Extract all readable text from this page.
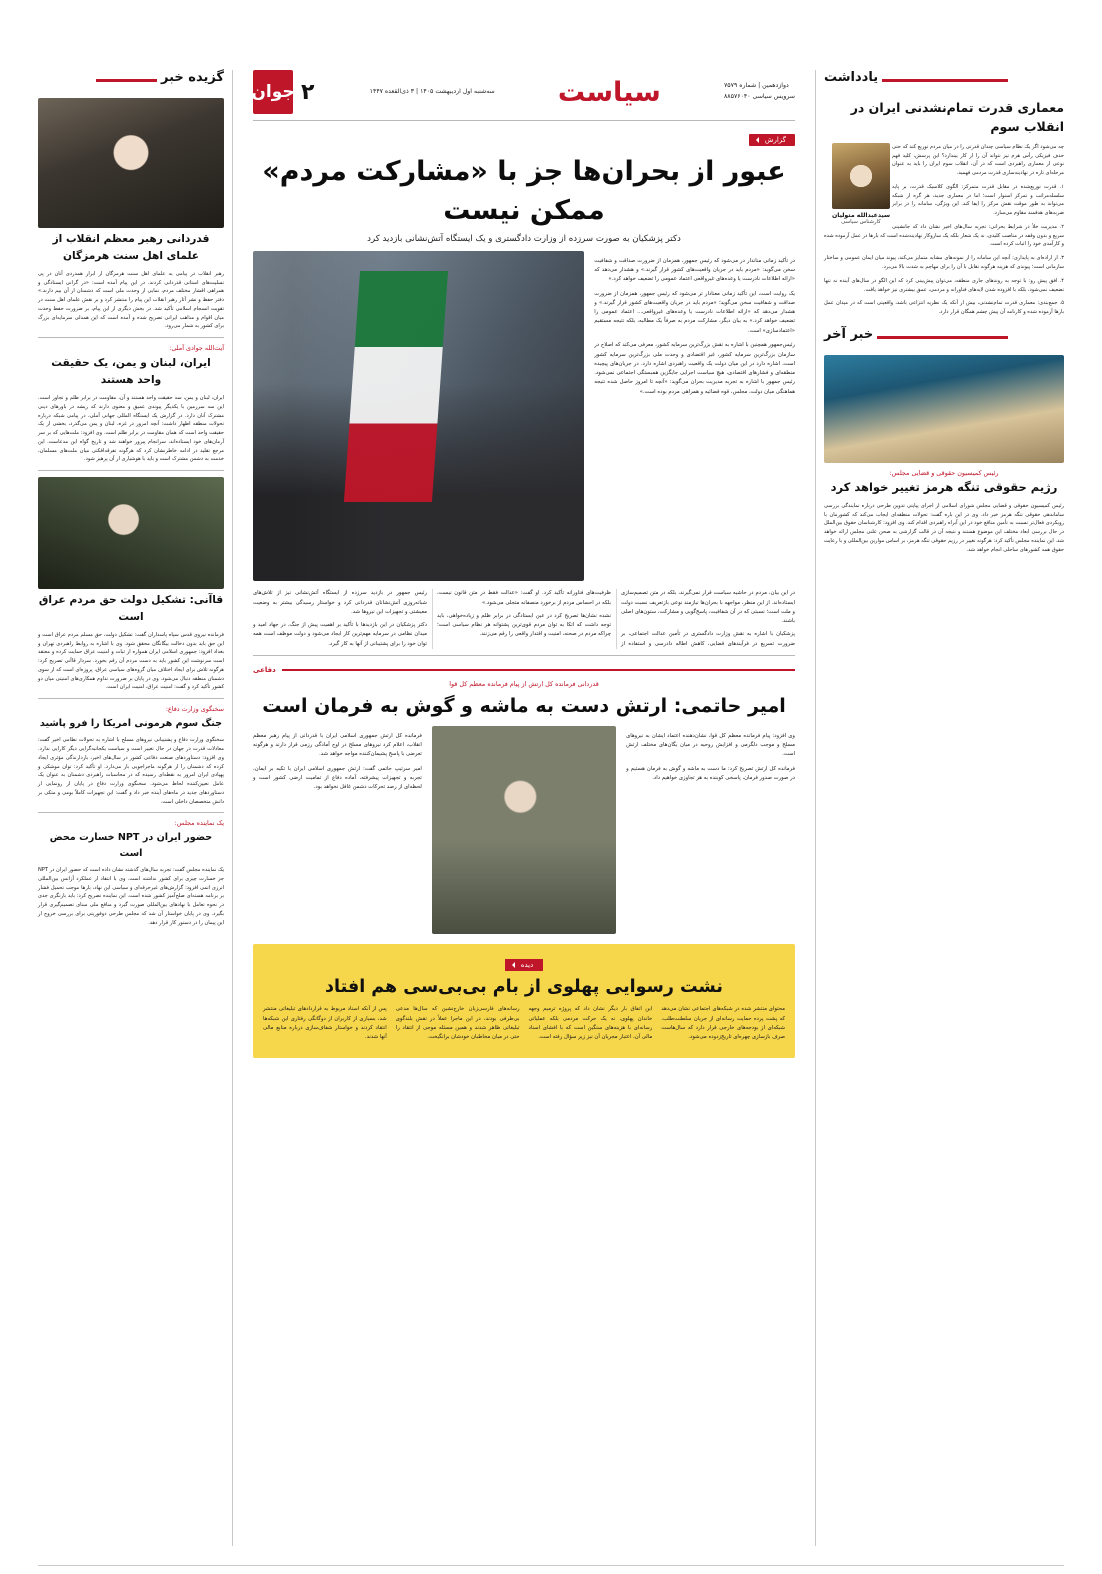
گزیده خبر
قدردانی رهبر معظم انقلاب از علمای اهل سنت هرمزگان
رهبر انقلاب در پیامی به علمای اهل سنت هرمزگان از ابراز همدردی آنان در پی تسلیت‌های استانی قدردانی کردند. در این پیام آمده است: «در گرانی ایستادگی و همراهی اقشار مختلف مردم، نمایی از وحدت ملی است که دشمنان از آن بیم دارند.» دفتر حفظ و نشر آثار رهبر انقلاب این پیام را منتشر کرد و بر نقش علمای اهل سنت در تقویت انسجام اسلامی تأکید شد. در بخش دیگری از این پیام، بر ضرورت حفظ وحدت میان اقوام و مذاهب ایرانی تصریح شده و آمده است که این همدلی سرمایه‌ای بزرگ برای کشور به شمار می‌رود.
آیت‌الله جوادی آملی:
ایران، لبنان و یمن، یک حقیقت واحد هستند
ایران، لبنان و یمن، سه حقیقت واحد هستند و آن، مقاومت در برابر ظلم و تجاوز است. این سه سرزمین با یکدیگر پیوندی عمیق و معنوی دارند که ریشه در باورهای دینی مشترک آنان دارد. در گزارش یک ایستگاه المللی جهانی آملی، در پیامی شبکه درباره تحولات منطقه اظهار داشت: آنچه امروز در غزه، لبنان و یمن می‌گذرد، بخشی از یک حقیقت واحد است که همان مقاومت در برابر ظلم است. وی افزود: ملت‌هایی که بر سر آرمان‌های خود ایستاده‌اند، سرانجام پیروز خواهند شد و تاریخ گواه این مدعاست. این مرجع تقلید در ادامه خاطرنشان کرد که هرگونه تفرقه‌افکنی میان ملت‌های مسلمان، خدمت به دشمن مشترک است و باید با هوشیاری از آن پرهیز شود.
قاآنی: تشکیل دولت حق مردم عراق است
فرمانده نیروی قدس سپاه پاسداران گفت: تشکیل دولت، حق مسلم مردم عراق است و این حق باید بدون دخالت بیگانگان محقق شود. وی با اشاره به روابط راهبردی تهران و بغداد افزود: جمهوری اسلامی ایران همواره از ثبات و امنیت عراق حمایت کرده و معتقد است سرنوشت این کشور باید به دست مردم آن رقم بخورد. سردار قاآنی تصریح کرد: هرگونه تلاش برای ایجاد اختلاف میان گروه‌های سیاسی عراق، پروژه‌ای است که از سوی دشمنان منطقه دنبال می‌شود. وی در پایان بر ضرورت تداوم همکاری‌های امنیتی میان دو کشور تأکید کرد و گفت: امنیت عراق، امنیت ایران است.
سخنگوی وزارت دفاع:
جنگ سوم هرمونی امریکا را فرو پاشید
سخنگوی وزارت دفاع و پشتیبانی نیروهای مسلح با اشاره به تحولات نظامی اخیر گفت: معادلات قدرت در جهان در حال تغییر است و سیاست یکجانبه‌گرایی دیگر کارایی ندارد. وی افزود: دستاوردهای صنعت دفاعی کشور در سال‌های اخیر، بازدارندگی مؤثری ایجاد کرده که دشمنان را از هرگونه ماجراجویی باز می‌دارد. او تأکید کرد: توان موشکی و پهپادی ایران امروز به نقطه‌ای رسیده که در محاسبات راهبردی دشمنان به عنوان یک عامل تعیین‌کننده لحاظ می‌شود. سخنگوی وزارت دفاع در پایان از رونمایی از دستاوردهای جدید در ماه‌های آینده خبر داد و گفت: این تجهیزات کاملاً بومی و متکی بر دانش متخصصان داخلی است.
یک نماینده مجلس:
حضور ایران در NPT خسارت محض است
یک نماینده مجلس گفت: تجربه سال‌های گذشته نشان داده است که حضور ایران در NPT جز خسارت چیزی برای کشور نداشته است. وی با انتقاد از عملکرد آژانس بین‌المللی انرژی اتمی افزود: گزارش‌های غیرحرفه‌ای و سیاسی این نهاد، بارها موجب تحمیل فشار بر برنامه هسته‌ای صلح‌آمیز کشور شده است. این نماینده تصریح کرد: باید بازنگری جدی در نحوه تعامل با نهادهای بین‌المللی صورت گیرد و منافع ملی مبنای تصمیم‌گیری قرار بگیرد. وی در پایان خواستار آن شد که مجلس طرحی دوفوریتی برای بررسی خروج از این پیمان را در دستور کار قرار دهد.
دوازدهمین | شماره ۷۵۷۹
سرویس سیاسی ۸۸۵۷۶۰۴۰
سیاست
سه‌شنبه اول اردیبهشت ۱۴۰۵ | ۳ ذی‌القعده ۱۴۴۷
۲
جوان
گزارش
عبور از بحران‌ها جز با «مشارکت مردم» ممکن نیست
دکتر پزشکیان به صورت سرزده از وزارت دادگستری و یک ایستگاه آتش‌نشانی بازدید کرد

در تأکید زمانی مناندار در می‌شود که رئیس جمهور، همزمان از ضرورت صداقت و شفافیت سخن می‌گوید: «مردم باید در جریان واقعیت‌های کشور قرار گیرند.» و هشدار می‌دهد که «ارائه اطلاعات نادرست یا وعده‌های غیرواقعی اعتماد عمومی را تضعیف خواهد کرد.»

یک روایت است، این تأکید زمانی معنادار تر می‌شود که رئیس جمهور، همزمان از ضرورت صداقت و شفافیت سخن می‌گوید؛ «مردم باید در جریان واقعیت‌های کشور قرار گیرند.» و هشدار می‌دهد که «ارائه اطلاعات نادرست یا وعده‌های غیرواقعی... اعتماد عمومی را تضعیف خواهد کرد.» به بیان دیگر، مشارکت مردم به صرفاً یک مطالبه، بلکه نتیجه مستقیم «اعتمادسازی» است.

رئیس‌جمهور همچنین با اشاره به نقش بزرگ‌ترین سرمایه کشور، معرفی می‌کند که اصلاح در سازمان بزرگ‌ترین سرمایه کشور، غیر اقتصادی و وحدت ملی بزرگ‌ترین سرمایه کشور است، اشاره دارد در این میان دولت یک واقعیت راهبردی اشاره دارد. در جریان‌های پیچیده منطقه‌ای و فشارهای اقتصادی، هیچ سیاست اجرایی جایگزین همبستگی اجتماعی نمی‌شود. رئیس جمهور با اشاره به تجربه مدیریت بحران می‌گوید: «آنچه تا امروز حاصل شده نتیجه هماهنگی میان دولت، مجلس، قوه قضائیه و همراهی مردم بوده است.»

در این بیان، مردم در حاشیه سیاست قرار نمی‌گیرند، بلکه در متن تصمیم‌سازی ایستاده‌اند. از این منظر، مواجهه با بحران‌ها نیازمند نوعی بازتعریف نسبت دولت و ملت است؛ نسبتی که در آن شفافیت، پاسخ‌گویی و مشارکت، ستون‌های اصلی باشند.

پزشکیان با اشاره به نقش وزارت دادگستری در تأمین عدالت اجتماعی، بر ضرورت تسریع در فرآیندهای قضایی، کاهش اطاله دادرسی و استفاده از ظرفیت‌های فناورانه تأکید کرد. او گفت: «عدالت فقط در متن قانون نیست، بلکه در احساس مردم از برخورد منصفانه متجلی می‌شود.»

نشده نشان‌ها تصریح کرد در عین ایستادگی در برابر ظلم و زیاده‌خواهی، باید توجه داشت که اتکا به توان مردم قوی‌ترین پشتوانه هر نظام سیاسی است؛ چراکه مردم در صحنه، امنیت و اقتدار واقعی را رقم می‌زنند.

رئیس جمهور در بازدید سرزده از ایستگاه آتش‌نشانی نیز از تلاش‌های شبانه‌روزی آتش‌نشانان قدردانی کرد و خواستار رسیدگی بیشتر به وضعیت معیشتی و تجهیزات این نیروها شد.

دکتر پزشکیان در این بازدیدها با تأکید بر اهمیت پیش از جنگ، در جهاد امید و میدان نظامی در سرمایه مهم‌ترین کار ایجاد می‌شود و دولت موظف است همه توان خود را برای پشتیبانی از آنها به کار گیرد.

دفاعی
قدردانی فرمانده کل ارتش از پیام فرمانده معظم کل قوا
امیر حاتمی: ارتش دست به ماشه و گوش به فرمان است

وی افزود: پیام فرمانده معظم کل قوا، نشان‌دهنده اعتماد ایشان به نیروهای مسلح و موجب دلگرمی و افزایش روحیه در میان یگان‌های مختلف ارتش است.

فرمانده کل ارتش تصریح کرد: ما دست به ماشه و گوش به فرمان هستیم و در صورت صدور فرمان، پاسخی کوبنده به هر تجاوزی خواهیم داد.

فرمانده کل ارتش جمهوری اسلامی ایران با قدردانی از پیام رهبر معظم انقلاب، اعلام کرد نیروهای مسلح در اوج آمادگی رزمی قرار دارند و هرگونه تعرضی با پاسخ پشیمان‌کننده مواجه خواهد شد.

امیر سرتیپ حاتمی گفت: ارتش جمهوری اسلامی ایران با تکیه بر ایمان، تجربه و تجهیزات پیشرفته، آماده دفاع از تمامیت ارضی کشور است و لحظه‌ای از رصد تحرکات دشمن غافل نخواهد بود.

دیده
نشت رسوایی پهلوی از بام بی‌بی‌سی هم افتاد

محتوای منتشر شده در شبکه‌های اجتماعی نشان می‌دهد که پشت پرده حمایت رسانه‌ای از جریان سلطنت‌طلب، شبکه‌ای از بودجه‌های خارجی قرار دارد که سال‌هاست صرف بازسازی چهره‌ای تاریخ‌زدوده می‌شود.

این اتفاق بار دیگر نشان داد که پروژه ترمیم وجهه خاندان پهلوی، نه یک حرکت مردمی بلکه عملیاتی رسانه‌ای با هزینه‌های سنگین است که با افشای اسناد مالی آن، اعتبار مجریان آن نیز زیر سؤال رفته است.

رسانه‌های فارسی‌زبان خارج‌نشین که سال‌ها مدعی بی‌طرفی بودند، در این ماجرا عملاً در نقش بلندگوی تبلیغاتی ظاهر شدند و همین مسئله موجی از انتقاد را حتی در میان مخاطبان خودشان برانگیخت.

پس از آنکه اسناد مربوط به قراردادهای تبلیغاتی منتشر شد، بسیاری از کاربران از دوگانگی رفتاری این شبکه‌ها انتقاد کردند و خواستار شفاف‌سازی درباره منابع مالی آنها شدند.

یادداشت
معماری قدرت تمام‌نشدنی ایران در انقلاب سوم
سیدعبدالله متولیان
کارشناس سیاسی

چه می‌شود اگر یک نظام سیاسی چندان قدرتی را در میان مردم توزیع کند که حتی حذف فیزیکی رأس هرم نیز نتواند آن را از کار بیندازد؟ این پرسش، کلید فهم نوعی از معماری راهبردی است که در آن، انقلاب سوم ایران را باید به عنوان مرحله‌ای تازه در نهادینه‌سازی قدرت مردمی فهمید.

۱. قدرت توزیع‌شده در مقابل قدرت متمرکز: الگوی کلاسیک قدرت، بر پایه سلسله‌مراتب و تمرکز استوار است؛ اما در معماری جدید، هر گره از شبکه می‌تواند به طور موقت نقش مرکز را ایفا کند. این ویژگی، سامانه را در برابر ضربه‌های هدفمند مقاوم می‌سازد.

۲. مدیریت خلأ در شرایط بحرانی: تجربه سال‌های اخیر نشان داد که جانشینی سریع و بدون وقفه در مناصب کلیدی، نه یک شعار بلکه یک سازوکار نهادینه‌شده است که بارها در عمل آزموده شده و کارآمدی خود را اثبات کرده است.

۳. از اراده‌ای به پایداری: آنچه این سامانه را از نمونه‌های مشابه متمایز می‌کند، پیوند میان ایمان عمومی و ساختار سازمانی است؛ پیوندی که هزینه هرگونه تقابل با آن را برای مهاجم به شدت بالا می‌برد.

۴. افق پیش رو: با توجه به روندهای جاری منطقه، می‌توان پیش‌بینی کرد که این الگو در سال‌های آینده نه تنها تضعیف نمی‌شود، بلکه با افزوده شدن لایه‌های فناورانه و مردمی، عمق بیشتری نیز خواهد یافت.

۵. جمع‌بندی: معماری قدرت تمام‌نشدنی، بیش از آنکه یک نظریه انتزاعی باشد، واقعیتی است که در میدان عمل بارها آزموده شده و کارنامه آن پیش چشم همگان قرار دارد.

خبر آخر
رئیس کمیسیون حقوقی و قضایی مجلس:
رژیم حقوقی تنگه هرمز تغییر خواهد کرد
رئیس کمیسیون حقوقی و قضایی مجلس شورای اسلامی از اجرای پیایتی تدوین طرحی درباره نمایندگی بررسی ساماندهی حقوقی تنگه هرمز خبر داد. وی در این باره گفت: تحولات منطقه‌ای ایجاب می‌کند که کشورمان با رویکردی فعال‌تر نسبت به تأمین منافع خود در این آبراه راهبردی اقدام کند. وی افزود: کارشناسان حقوق بین‌الملل در حال بررسی ابعاد مختلف این موضوع هستند و نتیجه آن در قالب گزارشی به صحن علنی مجلس ارائه خواهد شد. این نماینده مجلس تأکید کرد: هرگونه تغییر در رژیم حقوقی تنگه هرمز، بر اساس موازین بین‌المللی و با رعایت حقوق همه کشورهای ساحلی انجام خواهد شد.
